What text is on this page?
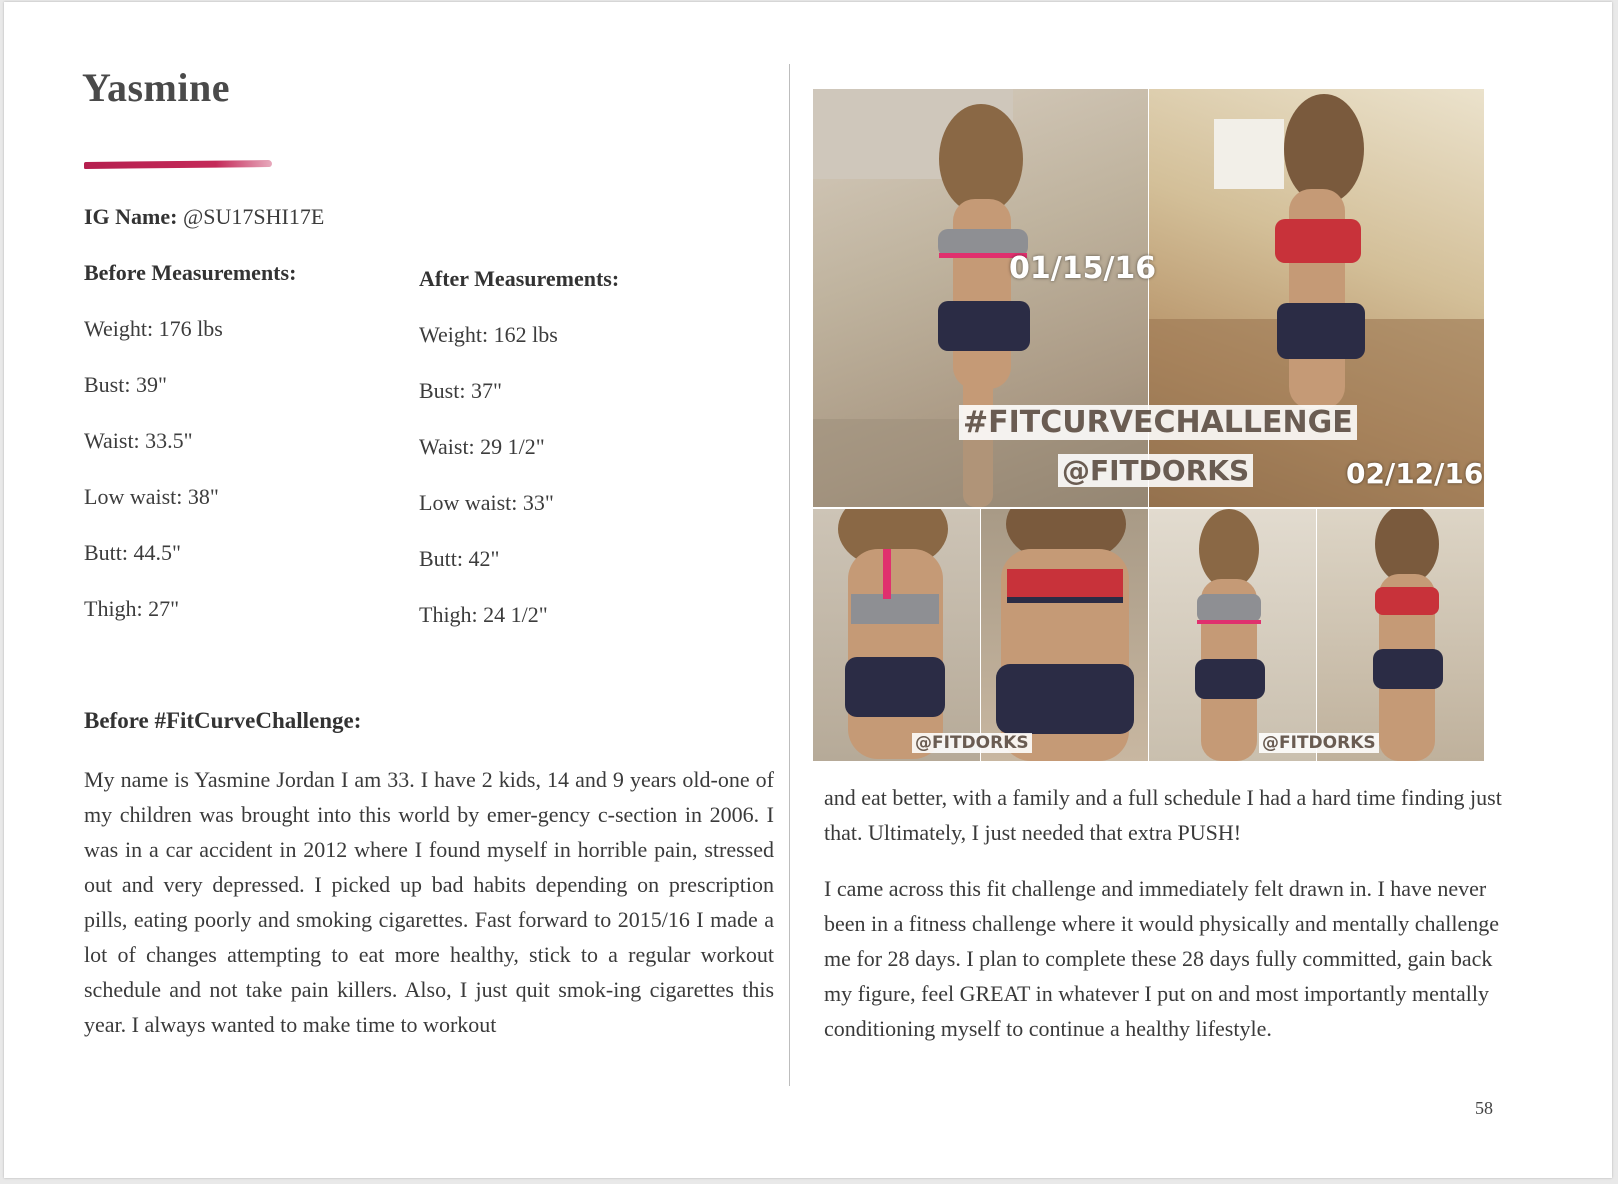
Yasmine
IG Name: @SU17SHI17E

Before Measurements:

Weight: 176 lbs

Bust: 39"

Waist: 33.5"

Low waist: 38"

Butt: 44.5"

Thigh: 27"

After Measurements:

Weight: 162 lbs

Bust: 37"

Waist: 29 1/2"

Low waist: 33"

Butt: 42"

Thigh: 24 1/2"

Before #FitCurveChallenge:

My name is Yasmine Jordan I am 33. I have 2 kids, 14 and 9 years old-one of my children was brought into this world by emer-gency c-section in 2006. I was in a car accident in 2012 where I found myself in horrible pain, stressed out and very depressed. I picked up bad habits depending on prescription pills, eating poorly and smoking cigarettes. Fast forward to 2015/16 I made a lot of changes attempting to eat more healthy, stick to a regular workout schedule and not take pain killers. Also, I just quit smok-ing cigarettes this year. I always wanted to make time to workout

01/15/16
02/12/16
#FITCURVECHALLENGE
@FITDORKS
@FITDORKS	@FITDORKS

and eat better, with a family and a full schedule I had a hard time finding just that. Ultimately, I just needed that extra PUSH!

I came across this fit challenge and immediately felt drawn in. I have never been in a fitness challenge where it would physically and mentally challenge me for 28 days. I plan to complete these 28 days fully committed, gain back my figure, feel GREAT in whatever I put on and most importantly mentally conditioning myself to continue a healthy lifestyle.

58
